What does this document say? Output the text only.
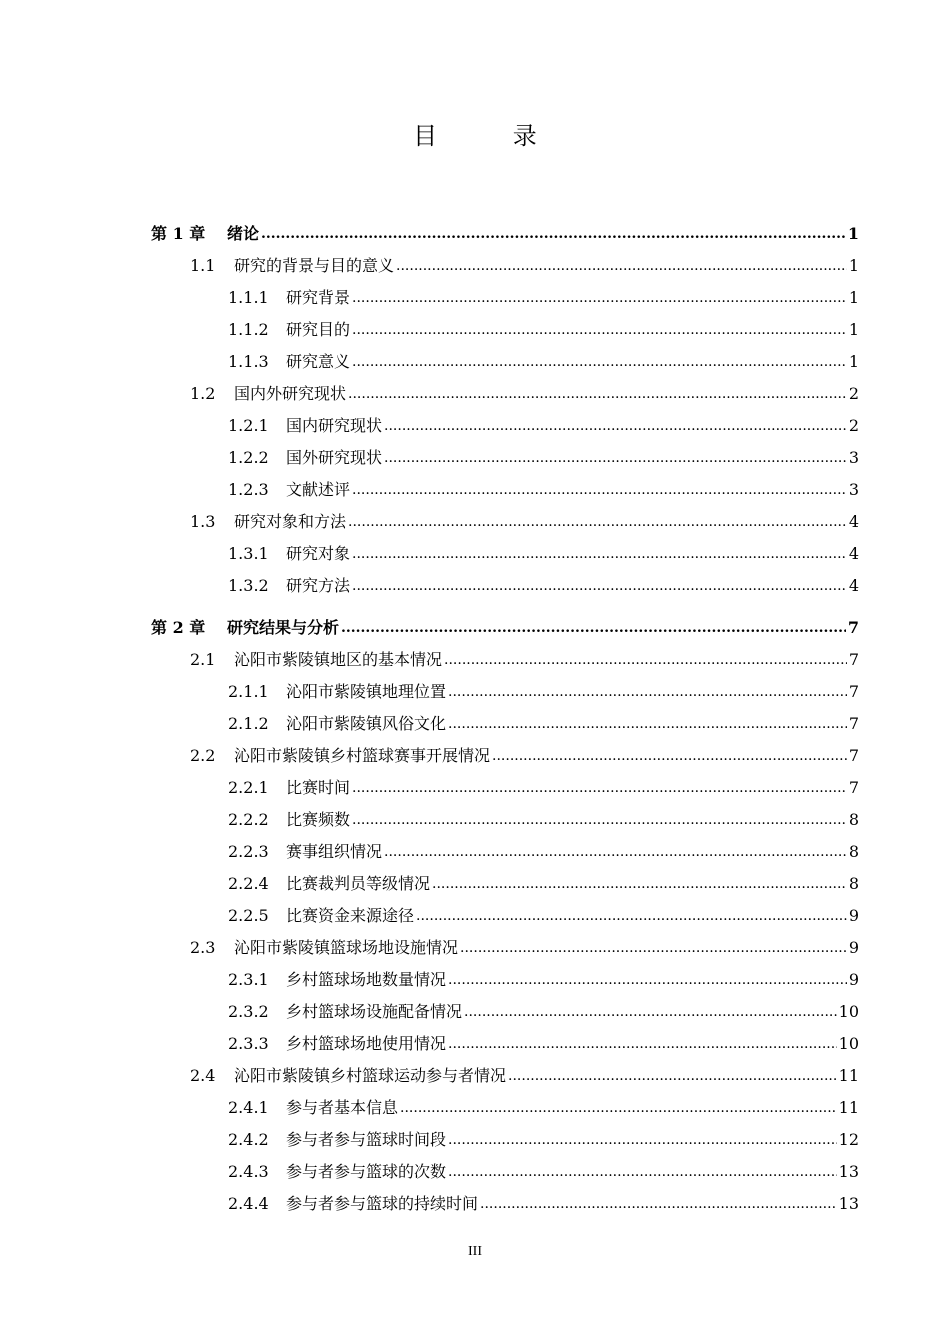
目 录
第 1 章	绪论 .....	1
1.1	研究的背景与目的意义 .....	1
1.1.1	研究背景 .....	1
1.1.2	研究目的 .....	1
1.1.3	研究意义 .....	1
1.2	国内外研究现状 .....	2
1.2.1	国内研究现状 .....	2
1.2.2	国外研究现状 .....	3
1.2.3	文献述评 .....	3
1.3	研究对象和方法 .....	4
1.3.1	研究对象 .....	4
1.3.2	研究方法 .....	4
第 2 章	研究结果与分析 .....	7
2.1	沁阳市紫陵镇地区的基本情况 .....	7
2.1.1	沁阳市紫陵镇地理位置 .....	7
2.1.2	沁阳市紫陵镇风俗文化 .....	7
2.2	沁阳市紫陵镇乡村篮球赛事开展情况 .....	7
2.2.1	比赛时间 .....	7
2.2.2	比赛频数 .....	8
2.2.3	赛事组织情况 .....	8
2.2.4	比赛裁判员等级情况 .....	8
2.2.5	比赛资金来源途径 .....	9
2.3	沁阳市紫陵镇篮球场地设施情况 .....	9
2.3.1	乡村篮球场地数量情况 .....	9
2.3.2	乡村篮球场设施配备情况 .....	10
2.3.3	乡村篮球场地使用情况 .....	10
2.4	沁阳市紫陵镇乡村篮球运动参与者情况 .....	11
2.4.1	参与者基本信息 .....	11
2.4.2	参与者参与篮球时间段 .....	12
2.4.3	参与者参与篮球的次数 .....	13
2.4.4	参与者参与篮球的持续时间 .....	13
III
